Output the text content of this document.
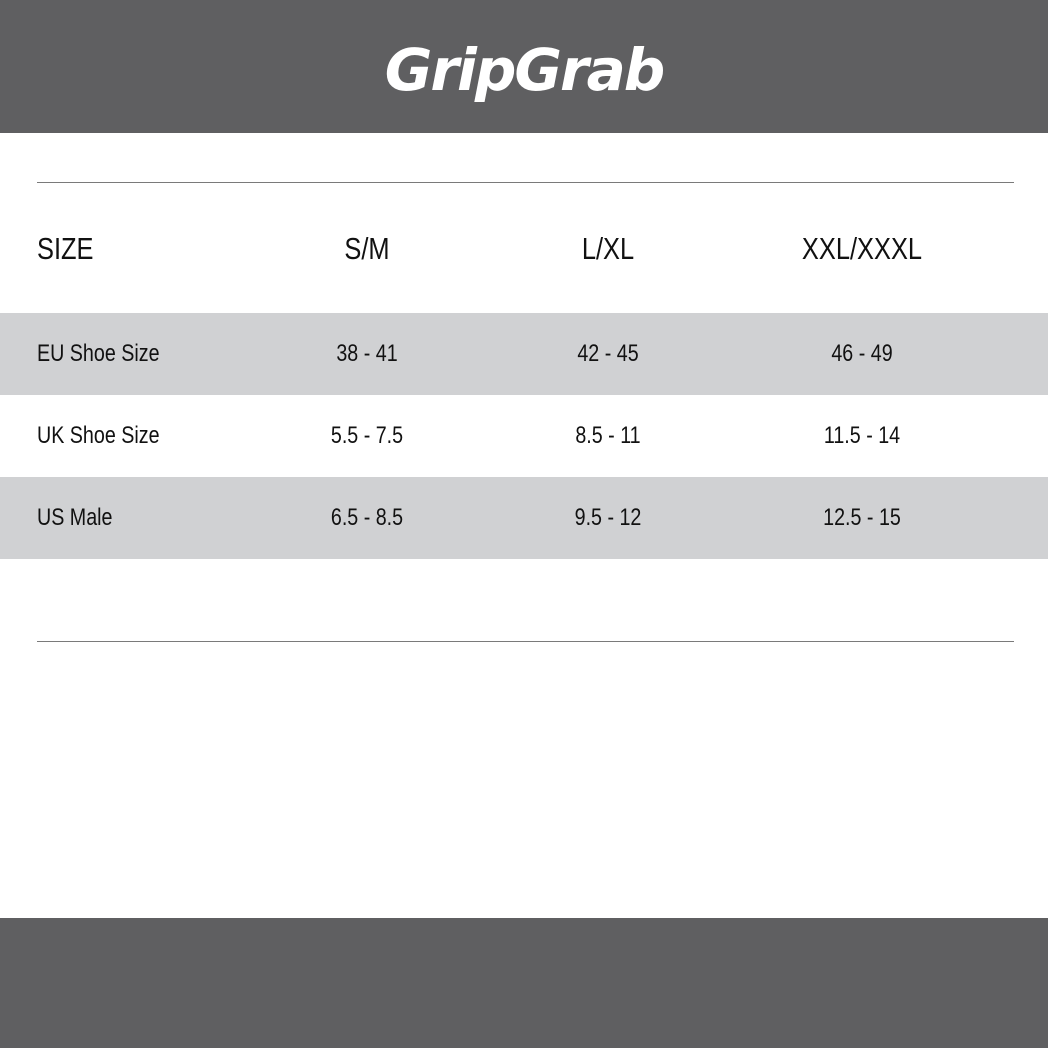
GripGrab
SIZE	S/M	L/XL	XXL/XXXL
EU Shoe Size	38 - 41	42 - 45	46 - 49
UK Shoe Size	5.5 - 7.5	8.5 - 11	11.5 - 14
US Male	6.5 - 8.5	9.5 - 12	12.5 - 15
